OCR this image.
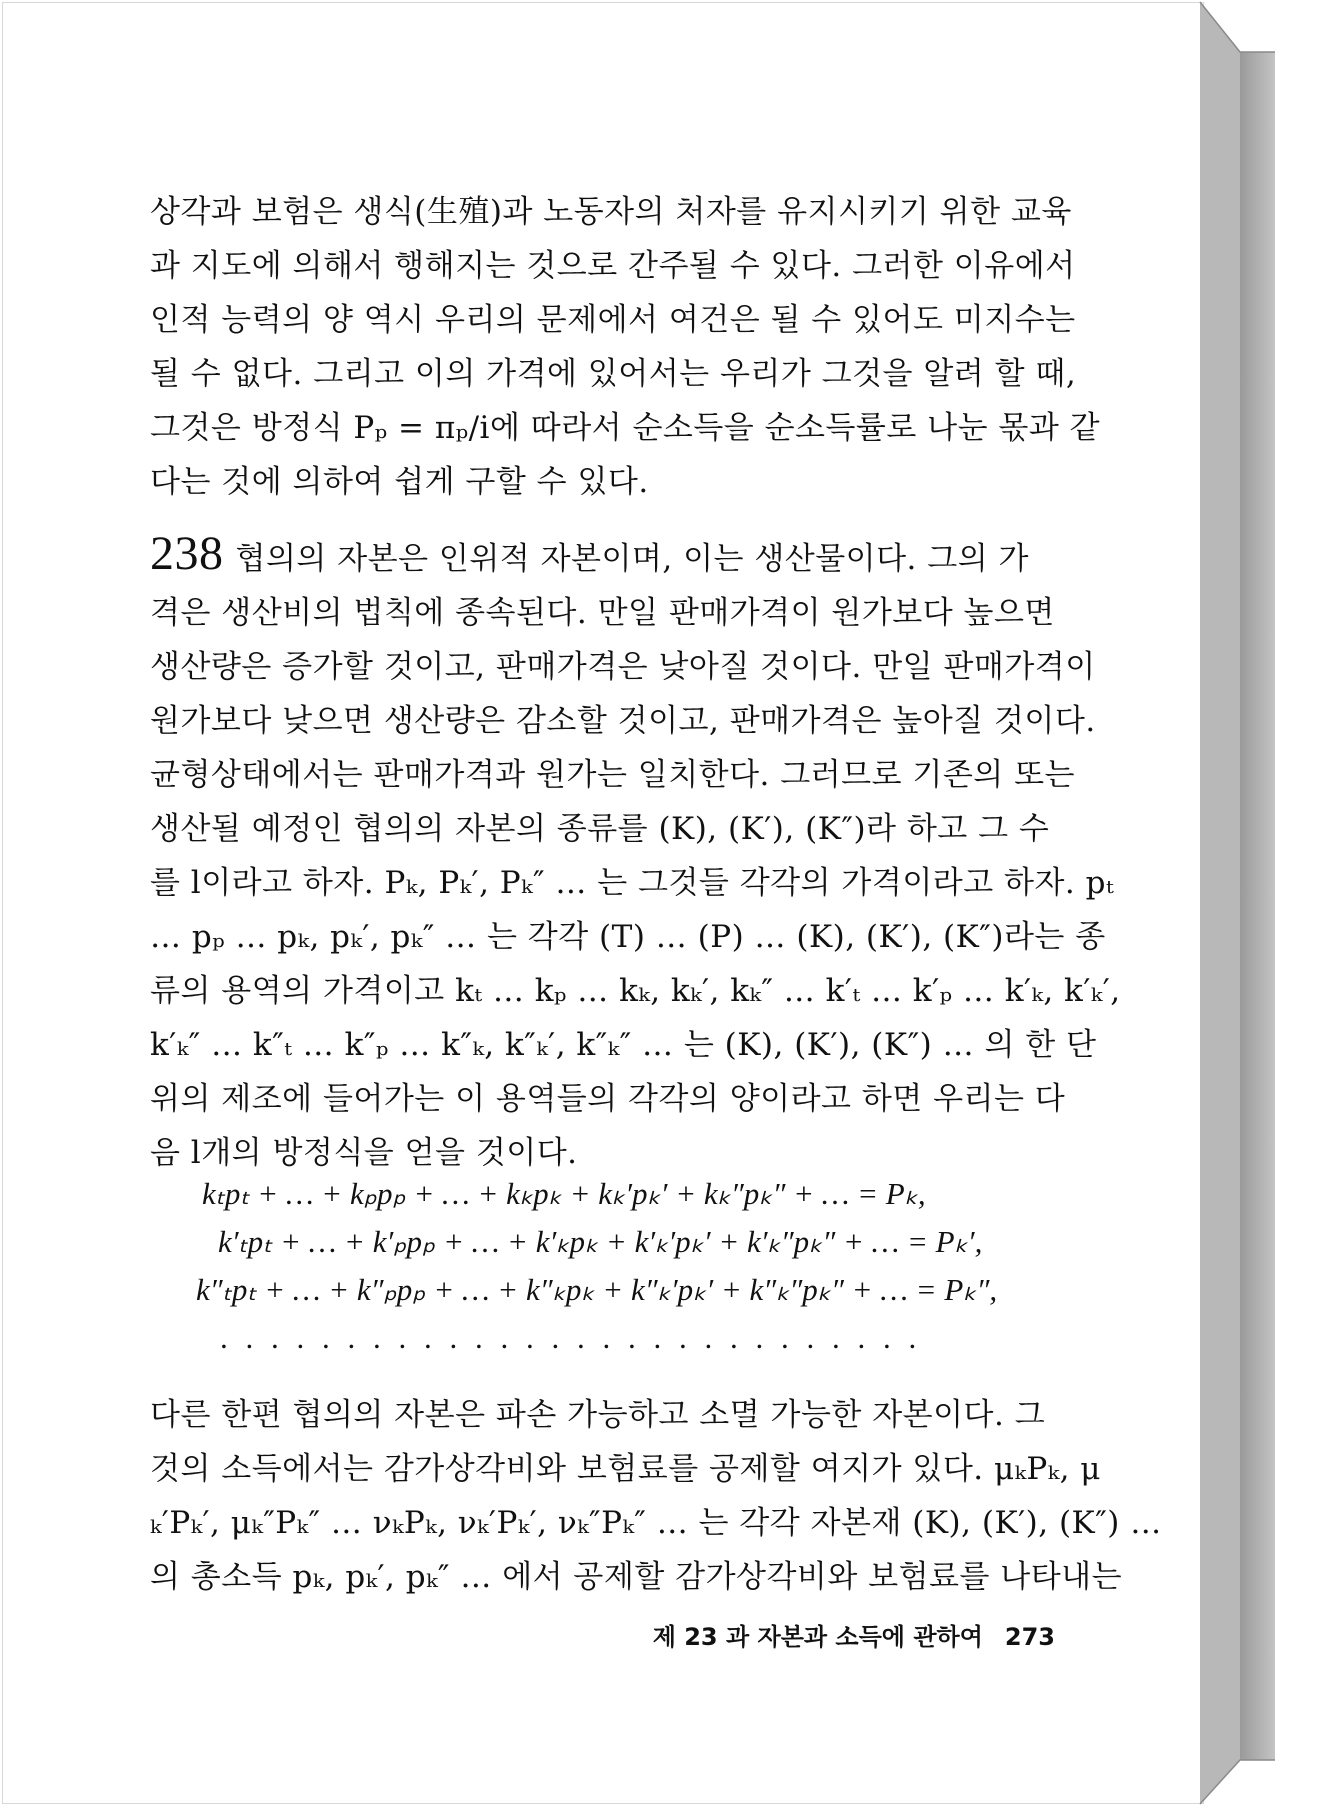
상각과 보험은 생식(生殖)과 노동자의 처자를 유지시키기 위한 교육
과 지도에 의해서 행해지는 것으로 간주될 수 있다. 그러한 이유에서
인적 능력의 양 역시 우리의 문제에서 여건은 될 수 있어도 미지수는
될 수 없다. 그리고 이의 가격에 있어서는 우리가 그것을 알려 할 때,
그것은 방정식 Pₚ = πₚ/i에 따라서 순소득을 순소득률로 나눈 몫과 같
다는 것에 의하여 쉽게 구할 수 있다.
238 협의의 자본은 인위적 자본이며, 이는 생산물이다. 그의 가
격은 생산비의 법칙에 종속된다. 만일 판매가격이 원가보다 높으면
생산량은 증가할 것이고, 판매가격은 낮아질 것이다. 만일 판매가격이
원가보다 낮으면 생산량은 감소할 것이고, 판매가격은 높아질 것이다.
균형상태에서는 판매가격과 원가는 일치한다. 그러므로 기존의 또는
생산될 예정인 협의의 자본의 종류를 (K), (K′), (K″)라 하고 그 수
를 l이라고 하자. Pₖ, Pₖ′, Pₖ″ … 는 그것들 각각의 가격이라고 하자. pₜ
… pₚ … pₖ, pₖ′, pₖ″ … 는 각각 (T) … (P) … (K), (K′), (K″)라는 종
류의 용역의 가격이고 kₜ … kₚ … kₖ, kₖ′, kₖ″ … k′ₜ … k′ₚ … k′ₖ, k′ₖ′,
k′ₖ″ … k″ₜ … k″ₚ … k″ₖ, k″ₖ′, k″ₖ″ … 는 (K), (K′), (K″) … 의 한 단
위의 제조에 들어가는 이 용역들의 각각의 양이라고 하면 우리는 다
음 l개의 방정식을 얻을 것이다.
kₜpₜ + … + kₚpₚ + … + kₖpₖ + kₖ′pₖ′ + kₖ″pₖ″ + … = Pₖ,
k′ₜpₜ + … + k′ₚpₚ + … + k′ₖpₖ + k′ₖ′pₖ′ + k′ₖ″pₖ″ + … = Pₖ′,
k″ₜpₜ + … + k″ₚpₚ + … + k″ₖpₖ + k″ₖ′pₖ′ + k″ₖ″pₖ″ + … = Pₖ″,
. . . . . . . . . . . . . . . . . . . . . . . . . . . .
다른 한편 협의의 자본은 파손 가능하고 소멸 가능한 자본이다. 그
것의 소득에서는 감가상각비와 보험료를 공제할 여지가 있다. μₖPₖ, μ
ₖ′Pₖ′, μₖ″Pₖ″ … νₖPₖ, νₖ′Pₖ′, νₖ″Pₖ″ … 는 각각 자본재 (K), (K′), (K″) …
의 총소득 pₖ, pₖ′, pₖ″ … 에서 공제할 감가상각비와 보험료를 나타내는
제 23 과 자본과 소득에 관하여 273
